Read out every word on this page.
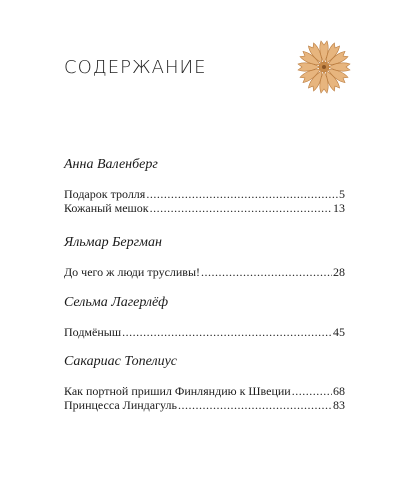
СОДЕРЖАНИЕ
Анна Валенберг
Подарок тролля .....	5
Кожаный мешок .....	13
Яльмар Бергман
До чего ж люди трусливы! .....	28
Сельма Лагерлёф
Подмёныш .....	45
Сакариас Топелиус
Как портной пришил Финляндию к Швеции .....	68
Принцесса Линдагуль .....	83
